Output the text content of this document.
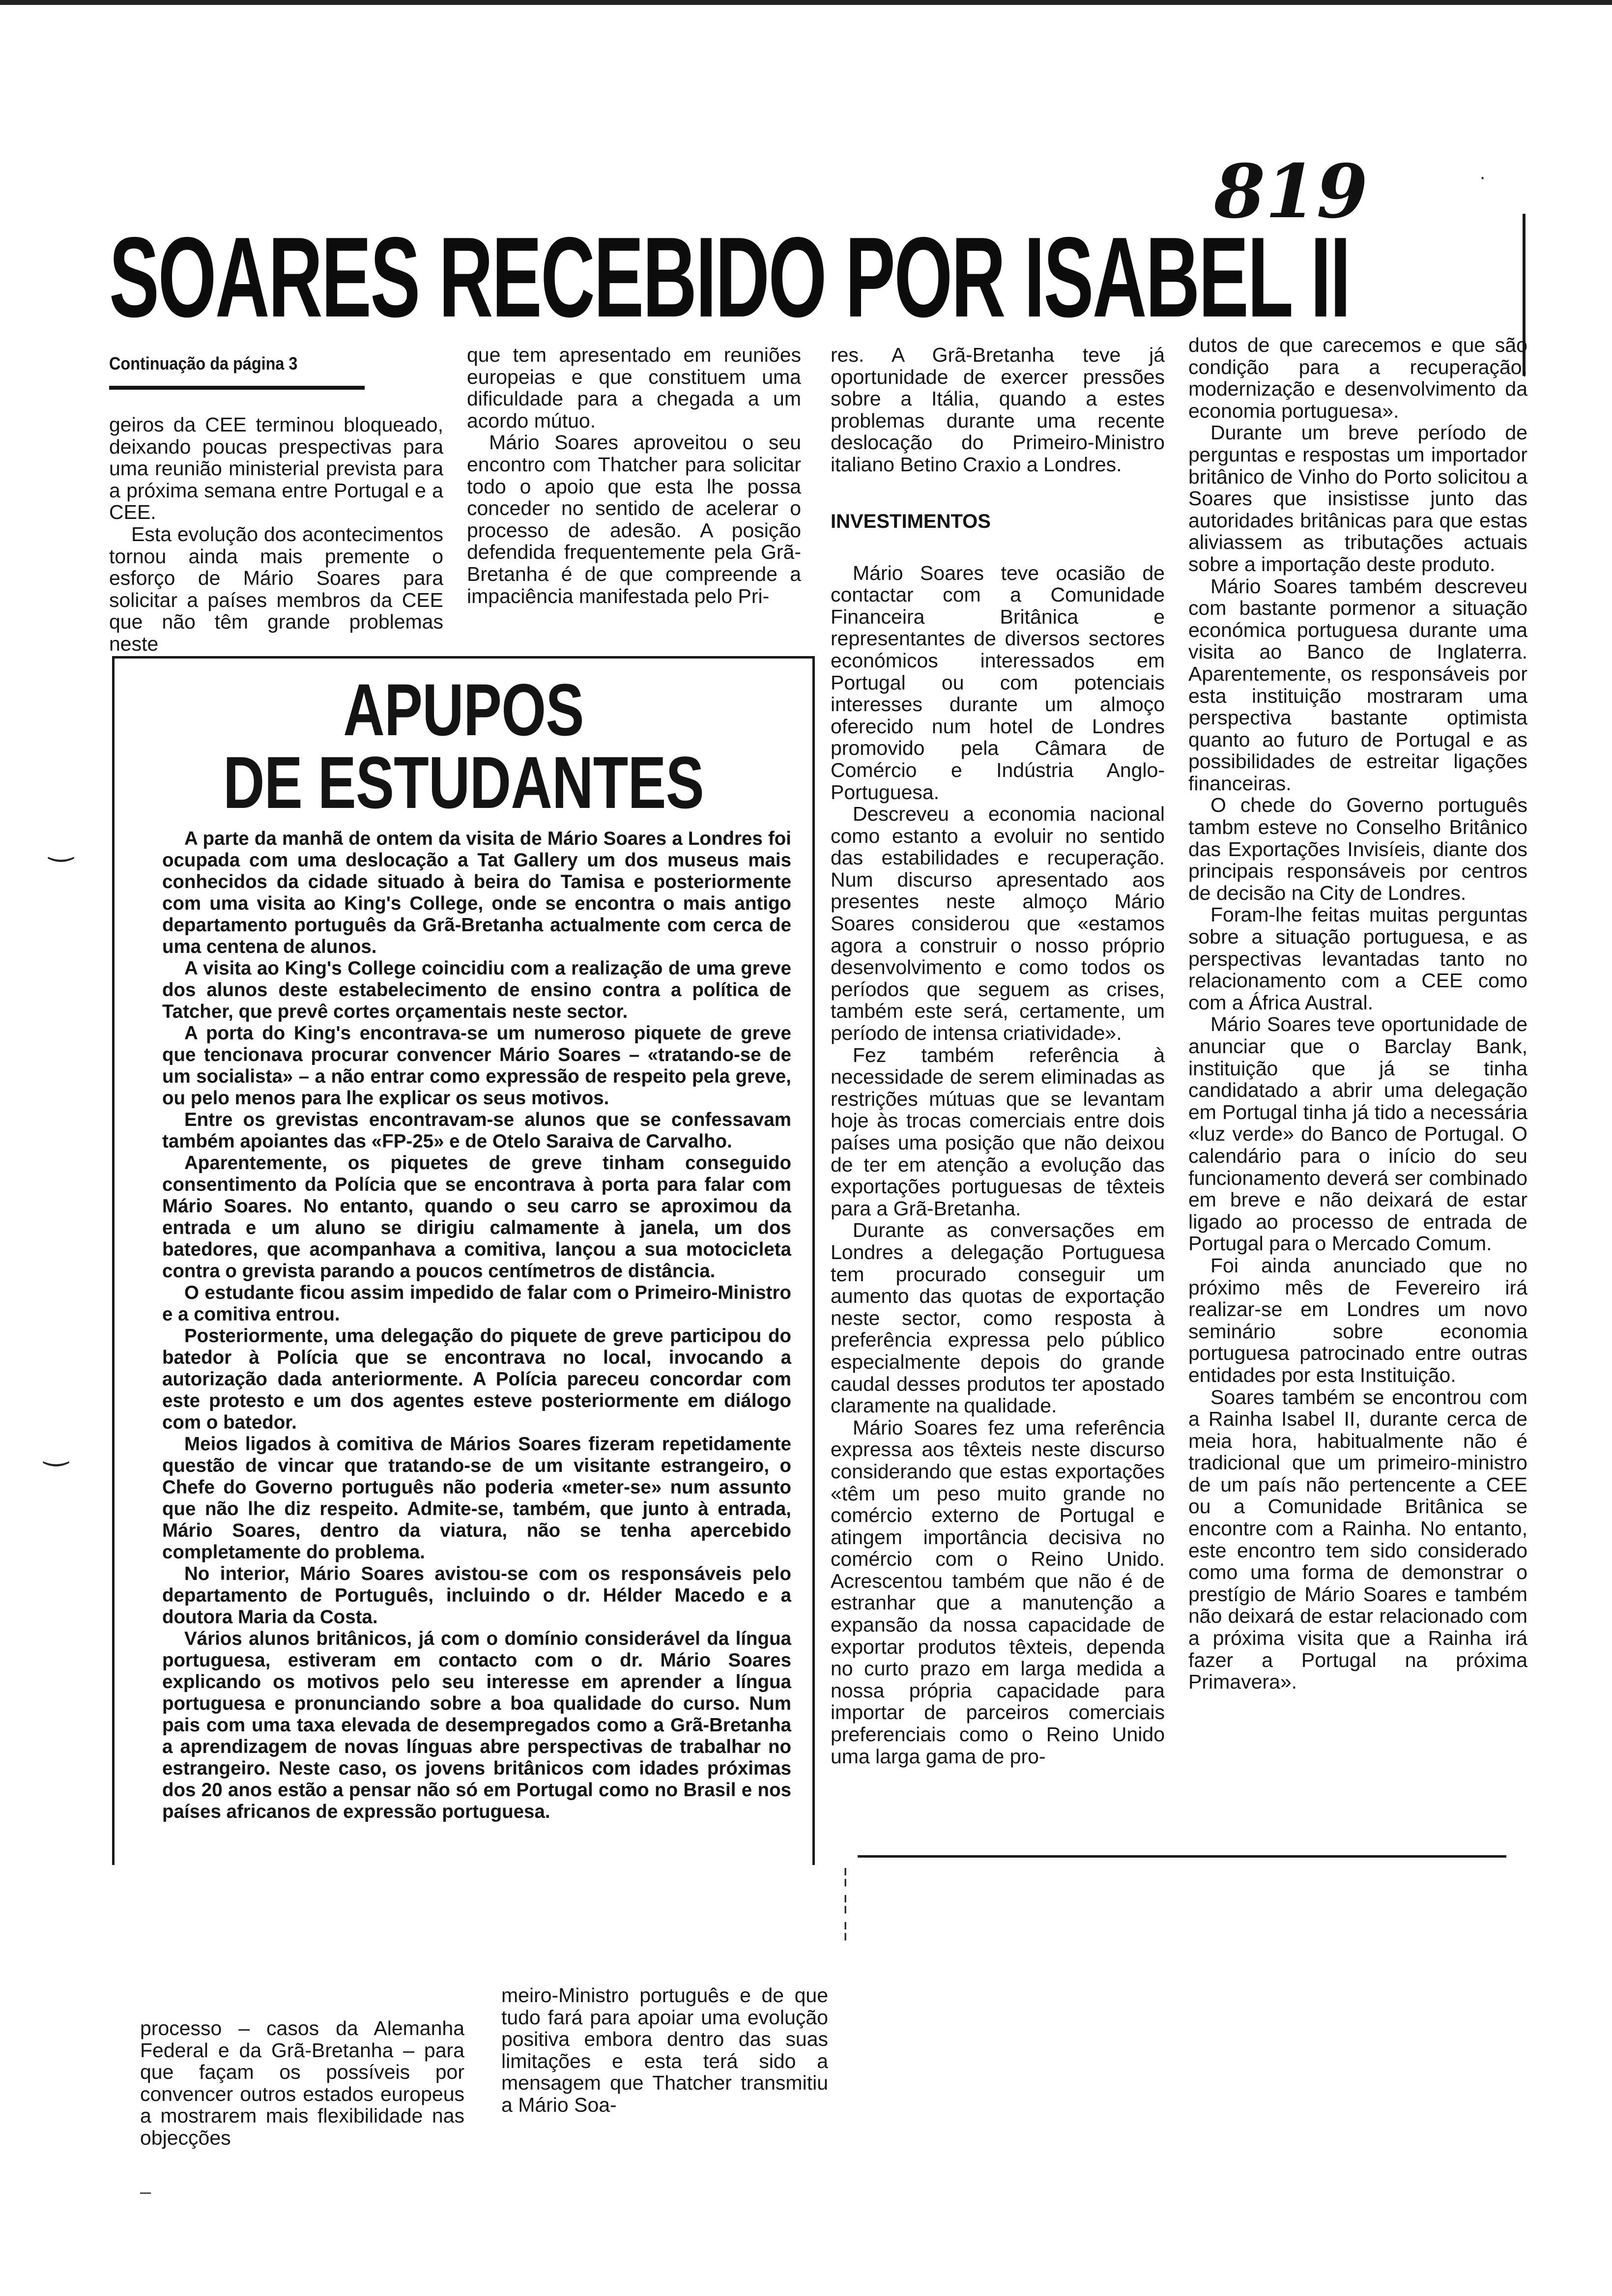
819	·
SOARES RECEBIDO POR ISABEL II
Continuação da página 3

geiros da CEE terminou bloqueado, deixando poucas prespectivas para uma reunião ministerial prevista para a próxima semana entre Portugal e a CEE.

Esta evolução dos acontecimentos tornou ainda mais premente o esforço de Mário Soares para solicitar a países membros da CEE que não têm grande problemas neste

que tem apresentado em reuniões europeias e que constituem uma dificuldade para a chegada a um acordo mútuo.

Mário Soares aproveitou o seu encontro com Thatcher para solicitar todo o apoio que esta lhe possa conceder no sentido de acelerar o processo de adesão. A posição defendida frequentemente pela Grã-Bretanha é de que compreende a impaciência manifestada pelo Pri-

APUPOS
DE ESTUDANTES

A parte da manhã de ontem da visita de Mário Soares a Londres foi ocupada com uma deslocação a Tat Gallery um dos museus mais conhecidos da cidade situado à beira do Tamisa e posteriormente com uma visita ao King's College, onde se encontra o mais antigo departamento português da Grã-Bretanha actualmente com cerca de uma centena de alunos.

A visita ao King's College coincidiu com a realização de uma greve dos alunos deste estabelecimento de ensino contra a política de Tatcher, que prevê cortes orçamentais neste sector.

A porta do King's encontrava-se um numeroso piquete de greve que tencionava procurar convencer Mário Soares – «tratando-se de um socialista» – a não entrar como expressão de respeito pela greve, ou pelo menos para lhe explicar os seus motivos.

Entre os grevistas encontravam-se alunos que se confessavam também apoiantes das «FP-25» e de Otelo Saraiva de Carvalho.

Aparentemente, os piquetes de greve tinham conseguido consentimento da Polícia que se encontrava à porta para falar com Mário Soares. No entanto, quando o seu carro se aproximou da entrada e um aluno se dirigiu calmamente à janela, um dos batedores, que acompanhava a comitiva, lançou a sua motocicleta contra o grevista parando a poucos centímetros de distância.

O estudante ficou assim impedido de falar com o Primeiro-Ministro e a comitiva entrou.

Posteriormente, uma delegação do piquete de greve participou do batedor à Polícia que se encontrava no local, invocando a autorização dada anteriormente. A Polícia pareceu concordar com este protesto e um dos agentes esteve posteriormente em diálogo com o batedor.

Meios ligados à comitiva de Mários Soares fizeram repetidamente questão de vincar que tratando-se de um visitante estrangeiro, o Chefe do Governo português não poderia «meter-se» num assunto que não lhe diz respeito. Admite-se, também, que junto à entrada, Mário Soares, dentro da viatura, não se tenha apercebido completamente do problema.

No interior, Mário Soares avistou-se com os responsáveis pelo departamento de Português, incluindo o dr. Hélder Macedo e a doutora Maria da Costa.

Vários alunos britânicos, já com o domínio considerável da língua portuguesa, estiveram em contacto com o dr. Mário Soares explicando os motivos pelo seu interesse em aprender a língua portuguesa e pronunciando sobre a boa qualidade do curso. Num pais com uma taxa elevada de desempregados como a Grã-Bretanha a aprendizagem de novas línguas abre perspectivas de trabalhar no estrangeiro. Neste caso, os jovens britânicos com idades próximas dos 20 anos estão a pensar não só em Portugal como no Brasil e nos países africanos de expressão portuguesa.

‿
‿

processo – casos da Alemanha Federal e da Grã-Bretanha – para que façam os possíveis por convencer outros estados europeus a mostrarem mais flexibilidade nas objecções

meiro-Ministro português e de que tudo fará para apoiar uma evolução positiva embora dentro das suas limitações e esta terá sido a mensagem que Thatcher transmitiu a Mário Soa-

–

res. A Grã-Bretanha teve já oportunidade de exercer pressões sobre a Itália, quando a estes problemas durante uma recente deslocação do Primeiro-Ministro italiano Betino Craxio a Londres.

INVESTIMENTOS

Mário Soares teve ocasião de contactar com a Comunidade Financeira Britânica e representantes de diversos sectores económicos interessados em Portugal ou com potenciais interesses durante um almoço oferecido num hotel de Londres promovido pela Câmara de Comércio e Indústria Anglo-Portuguesa.

Descreveu a economia nacional como estanto a evoluir no sentido das estabilidades e recuperação. Num discurso apresentado aos presentes neste almoço Mário Soares considerou que «estamos agora a construir o nosso próprio desenvolvimento e como todos os períodos que seguem as crises, também este será, certamente, um período de intensa criatividade».

Fez também referência à necessidade de serem eliminadas as restrições mútuas que se levantam hoje às trocas comerciais entre dois países uma posição que não deixou de ter em atenção a evolução das exportações portuguesas de têxteis para a Grã-Bretanha.

Durante as conversações em Londres a delegação Portuguesa tem procurado conseguir um aumento das quotas de exportação neste sector, como resposta à preferência expressa pelo público especialmente depois do grande caudal desses produtos ter apostado claramente na qualidade.

Mário Soares fez uma referência expressa aos têxteis neste discurso considerando que estas exportações «têm um peso muito grande no comércio externo de Portugal e atingem importância decisiva no comércio com o Reino Unido. Acrescentou também que não é de estranhar que a manutenção a expansão da nossa capacidade de exportar produtos têxteis, dependa no curto prazo em larga medida a nossa própria capacidade para importar de parceiros comerciais preferenciais como o Reino Unido uma larga gama de pro-

dutos de que carecemos e que são condição para a recuperação, modernização e desenvolvimento da economia portuguesa».

Durante um breve período de perguntas e respostas um importador britânico de Vinho do Porto solicitou a Soares que insistisse junto das autoridades britânicas para que estas aliviassem as tributações actuais sobre a importação deste produto.

Mário Soares também descreveu com bastante pormenor a situação económica portuguesa durante uma visita ao Banco de Inglaterra. Aparentemente, os responsáveis por esta instituição mostraram uma perspectiva bastante optimista quanto ao futuro de Portugal e as possibilidades de estreitar ligações financeiras.

O chede do Governo português tambm esteve no Conselho Britânico das Exportações Invisíeis, diante dos principais responsáveis por centros de decisão na City de Londres.

Foram-lhe feitas muitas perguntas sobre a situação portuguesa, e as perspectivas levantadas tanto no relacionamento com a CEE como com a África Austral.

Mário Soares teve oportunidade de anunciar que o Barclay Bank, instituição que já se tinha candidatado a abrir uma delegação em Portugal tinha já tido a necessária «luz verde» do Banco de Portugal. O calendário para o início do seu funcionamento deverá ser combinado em breve e não deixará de estar ligado ao processo de entrada de Portugal para o Mercado Comum.

Foi ainda anunciado que no próximo mês de Fevereiro irá realizar-se em Londres um novo seminário sobre economia portuguesa patrocinado entre outras entidades por esta Instituição.

Soares também se encontrou com a Rainha Isabel II, durante cerca de meia hora, habitualmente não é tradicional que um primeiro-ministro de um país não pertencente a CEE ou a Comunidade Britânica se encontre com a Rainha. No entanto, este encontro tem sido considerado como uma forma de demonstrar o prestígio de Mário Soares e também não deixará de estar relacionado com a próxima visita que a Rainha irá fazer a Portugal na próxima Primavera».

¦
¦
¦
